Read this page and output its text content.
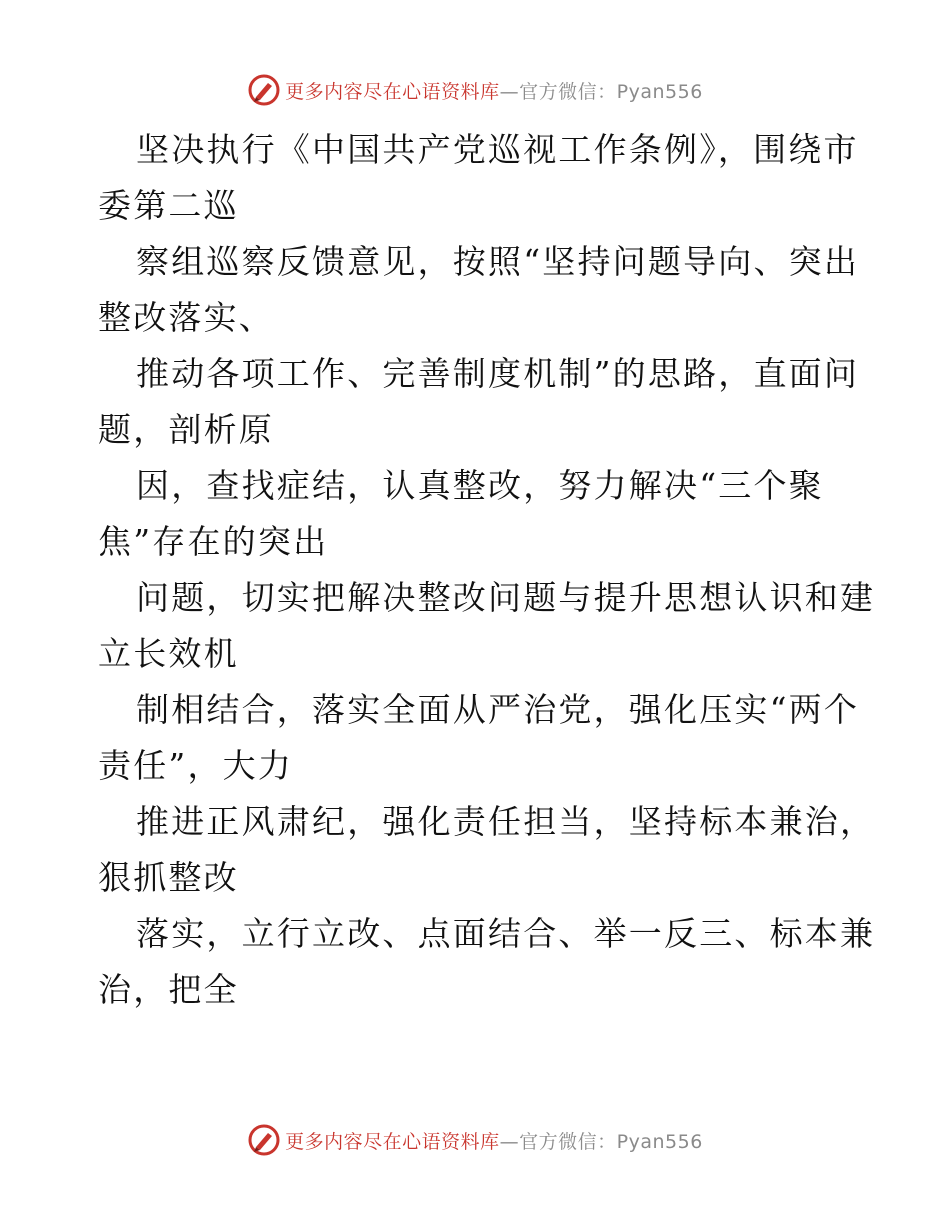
更多内容尽在心语资料库—官方微信：Pyan556

坚决执行《中国共产党巡视工作条例》，围绕市

委第二巡

察组巡察反馈意见，按照“坚持问题导向、突出

整改落实、

推动各项工作、完善制度机制”的思路，直面问

题，剖析原

因，查找症结，认真整改，努力解决“三个聚

焦”存在的突出

问题，切实把解决整改问题与提升思想认识和建

立长效机

制相结合，落实全面从严治党，强化压实“两个

责任”，大力

推进正风肃纪，强化责任担当，坚持标本兼治，

狠抓整改

落实，立行立改、点面结合、举一反三、标本兼

治，把全

更多内容尽在心语资料库—官方微信：Pyan556
